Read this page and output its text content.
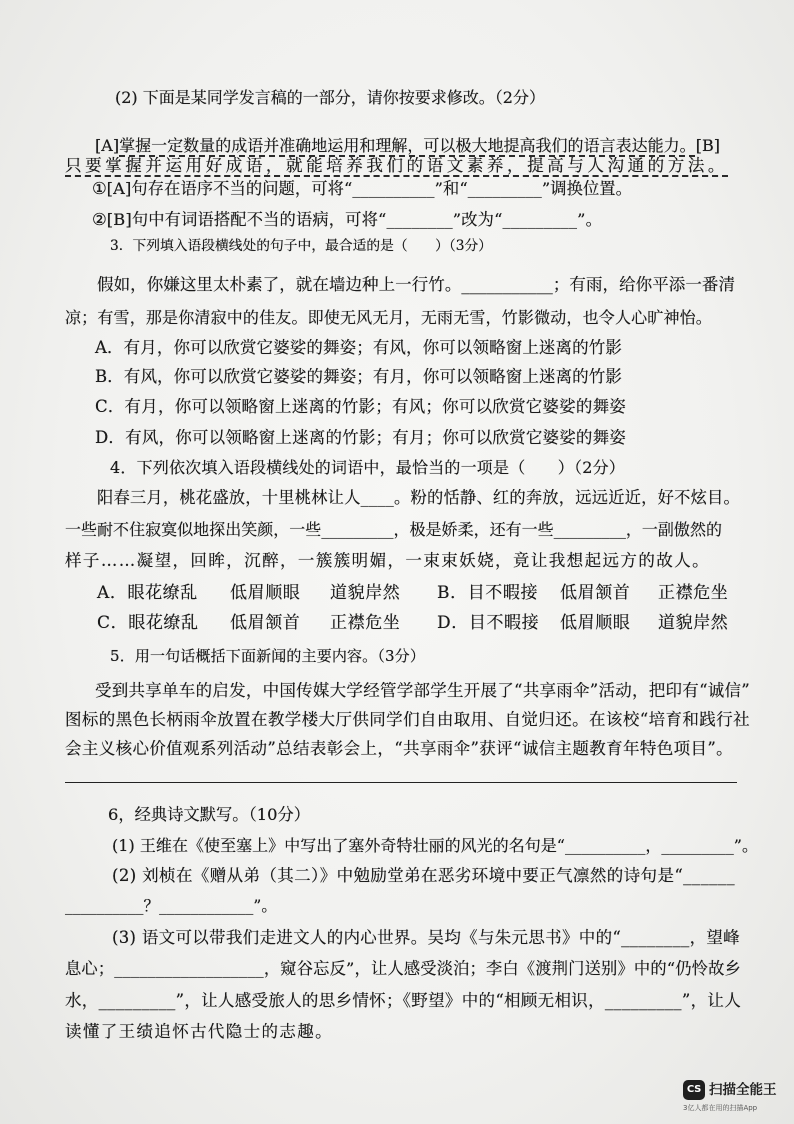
(2) 下面是某同学发言稿的一部分，请你按要求修改。（2分）
[A]掌握一定数量的成语并准确地运用和理解，可以极大地提高我们的语言表达能力。[B]
只要掌握并运用好成语，就能培养我们的语文素养，提高与人沟通的方法。
①[A]句存在语序不当的问题，可将“__________”和“_________”调换位置。
②[B]句中有词语搭配不当的语病，可将“________”改为“_________”。
3．下列填入语段横线处的句子中，最合适的是（　　）（3分）
假如，你嫌这里太朴素了，就在墙边种上一行竹。___________；有雨，给你平添一番清
凉；有雪，那是你清寂中的佳友。即使无风无月，无雨无雪，竹影微动，也令人心旷神怡。
A．有月，你可以欣赏它婆娑的舞姿；有风，你可以领略窗上迷离的竹影
B．有风，你可以欣赏它婆娑的舞姿；有月，你可以领略窗上迷离的竹影
C．有月，你可以领略窗上迷离的竹影；有风；你可以欣赏它婆娑的舞姿
D．有风，你可以领略窗上迷离的竹影；有月；你可以欣赏它婆娑的舞姿
4．下列依次填入语段横线处的词语中，最恰当的一项是（　　）（2分）
阳春三月，桃花盛放，十里桃林让人____。粉的恬静、红的奔放，远远近近，好不炫目。
一些耐不住寂寞似地探出笑颜，一些_________，极是娇柔，还有一些_________，一副傲然的
样子……凝望，回眸，沉醉，一簇簇明媚，一束束妖娆，竟让我想起远方的故人。
A．眼花缭乱 低眉顺眼 道貌岸然 B．目不暇接 低眉颔首 正襟危坐
C．眼花缭乱 低眉颔首 正襟危坐 D．目不暇接 低眉顺眼 道貌岸然
5．用一句话概括下面新闻的主要内容。（3分）
受到共享单车的启发，中国传媒大学经管学部学生开展了“共享雨伞”活动，把印有“诚信”
图标的黑色长柄雨伞放置在教学楼大厅供同学们自由取用、自觉归还。在该校“培育和践行社
会主义核心价值观系列活动”总结表彰会上，“共享雨伞”获评“诚信主题教育年特色项目”。
6，经典诗文默写。（10分）
(1) 王维在《使至塞上》中写出了塞外奇特壮丽的风光的名句是“__________，_________”。
(2) 刘桢在《赠从弟（其二）》中勉励堂弟在恶劣环境中要正气凛然的诗句是“______
__________？____________”。
(3) 语文可以带我们走进文人的内心世界。吴均《与朱元思书》中的“________，望峰
息心；__________________，窥谷忘反”，让人感受淡泊；李白《渡荆门送别》中的“仍怜故乡
水，_________”，让人感受旅人的思乡情怀；《野望》中的“相顾无相识，_________”，让人
读懂了王绩追怀古代隐士的志趣。
CS 扫描全能王
3亿人都在用的扫描App
